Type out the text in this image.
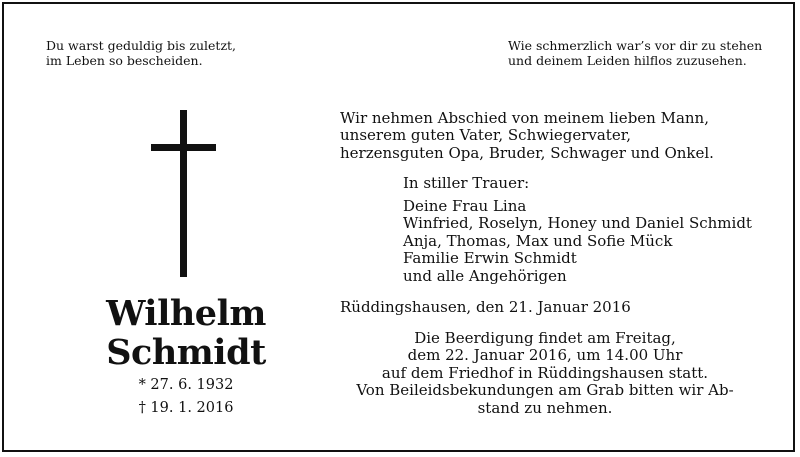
Du warst geduldig bis zuletzt,
im Leben so bescheiden.

Wie schmerzlich war’s vor dir zu stehen
und deinem Leiden hilflos zuzusehen.

Wilhelm
Schmidt
* 27. 6. 1932
† 19. 1. 2016

Wir nehmen Abschied von meinem lieben Mann,
unserem guten Vater, Schwiegervater,
herzensguten Opa, Bruder, Schwager und Onkel.

In stiller Trauer:

Deine Frau Lina
Winfried, Roselyn, Honey und Daniel Schmidt
Anja, Thomas, Max und Sofie Mück
Familie Erwin Schmidt
und alle Angehörigen

Rüddingshausen, den 21. Januar 2016

Die Beerdigung findet am Freitag,
dem 22. Januar 2016, um 14.00 Uhr
auf dem Friedhof in Rüddingshausen statt.
Von Beileidsbekundungen am Grab bitten wir Ab-
stand zu nehmen.
